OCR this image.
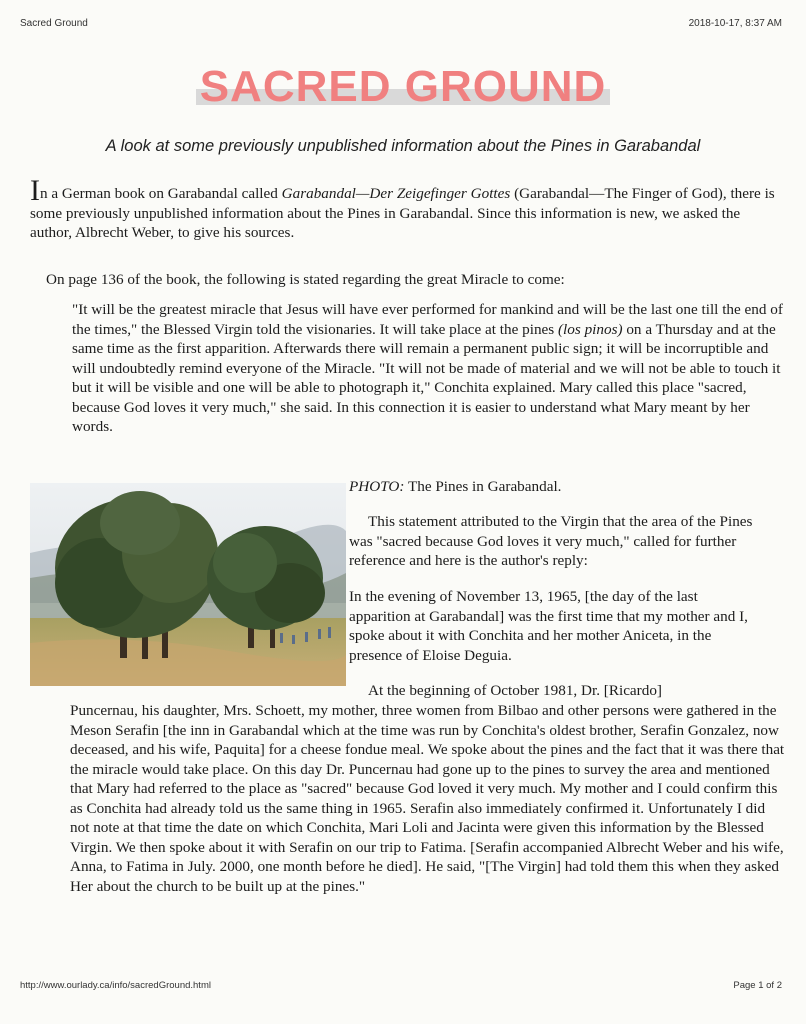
Sacred Ground	2018-10-17, 8:37 AM
SACRED GROUND

A look at some previously unpublished information about the Pines in Garabandal

In a German book on Garabandal called Garabandal—Der Zeigefinger Gottes (Garabandal—The Finger of God), there is some previously unpublished information about the Pines in Garabandal. Since this information is new, we asked the author, Albrecht Weber, to give his sources.

On page 136 of the book, the following is stated regarding the great Miracle to come:

"It will be the greatest miracle that Jesus will have ever performed for mankind and will be the last one till the end of the times," the Blessed Virgin told the visionaries. It will take place at the pines (los pinos) on a Thursday and at the same time as the first apparition. Afterwards there will remain a permanent public sign; it will be incorruptible and will undoubtedly remind everyone of the Miracle. "It will not be made of material and we will not be able to touch it but it will be visible and one will be able to photograph it," Conchita explained. Mary called this place "sacred, because God loves it very much," she said. In this connection it is easier to understand what Mary meant by her words.

PHOTO: The Pines in Garabandal.

This statement attributed to the Virgin that the area of the Pines was "sacred because God loves it very much," called for further reference and here is the author's reply:

In the evening of November 13, 1965, [the day of the last apparition at Garabandal] was the first time that my mother and I, spoke about it with Conchita and her mother Aniceta, in the presence of Eloise Deguia.

At the beginning of October 1981, Dr. [Ricardo]

Puncernau, his daughter, Mrs. Schoett, my mother, three women from Bilbao and other persons were gathered in the Meson Serafin [the inn in Garabandal which at the time was run by Conchita's oldest brother, Serafin Gonzalez, now deceased, and his wife, Paquita] for a cheese fondue meal. We spoke about the pines and the fact that it was there that the miracle would take place. On this day Dr. Puncernau had gone up to the pines to survey the area and mentioned that Mary had referred to the place as "sacred" because God loved it very much. My mother and I could confirm this as Conchita had already told us the same thing in 1965. Serafin also immediately confirmed it. Unfortunately I did not note at that time the date on which Conchita, Mari Loli and Jacinta were given this information by the Blessed Virgin. We then spoke about it with Serafin on our trip to Fatima. [Serafin accompanied Albrecht Weber and his wife, Anna, to Fatima in July. 2000, one month before he died]. He said, "[The Virgin] had told them this when they asked Her about the church to be built up at the pines."

http://www.ourlady.ca/info/sacredGround.html	Page 1 of 2
